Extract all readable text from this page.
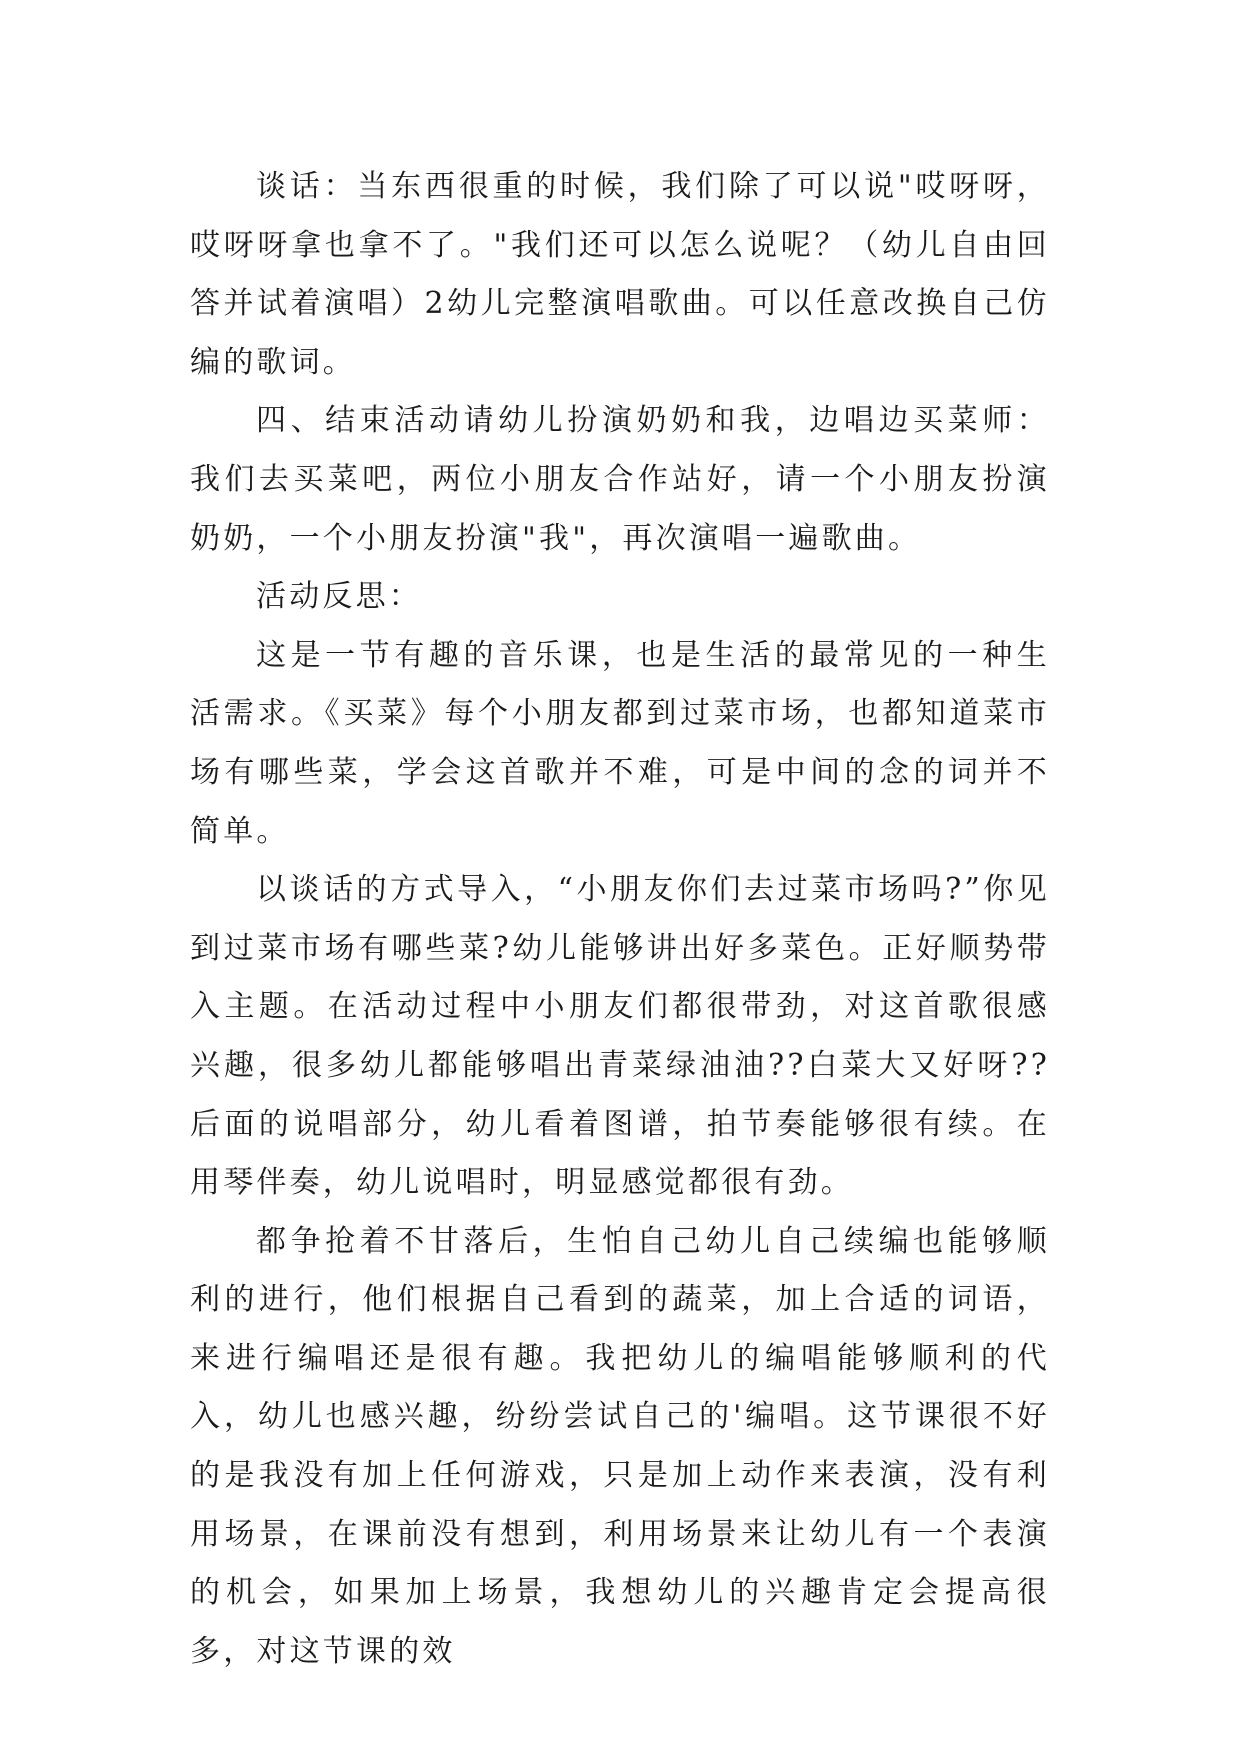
谈话：当东西很重的时候，我们除了可以说"哎呀呀，哎呀呀拿也拿不了。"我们还可以怎么说呢？（幼儿自由回答并试着演唱）2幼儿完整演唱歌曲。可以任意改换自己仿编的歌词。

四、结束活动请幼儿扮演奶奶和我，边唱边买菜师：我们去买菜吧，两位小朋友合作站好，请一个小朋友扮演奶奶，一个小朋友扮演"我"，再次演唱一遍歌曲。

活动反思：

这是一节有趣的音乐课，也是生活的最常见的一种生活需求。《买菜》每个小朋友都到过菜市场，也都知道菜市场有哪些菜，学会这首歌并不难，可是中间的念的词并不简单。

以谈话的方式导入，“小朋友你们去过菜市场吗?”你见到过菜市场有哪些菜?幼儿能够讲出好多菜色。正好顺势带入主题。在活动过程中小朋友们都很带劲，对这首歌很感兴趣，很多幼儿都能够唱出青菜绿油油??白菜大又好呀??后面的说唱部分，幼儿看着图谱，拍节奏能够很有续。在用琴伴奏，幼儿说唱时，明显感觉都很有劲。

都争抢着不甘落后，生怕自己幼儿自己续编也能够顺利的进行，他们根据自己看到的蔬菜，加上合适的词语，来进行编唱还是很有趣。我把幼儿的编唱能够顺利的代入，幼儿也感兴趣，纷纷尝试自己的'编唱。这节课很不好的是我没有加上任何游戏，只是加上动作来表演，没有利用场景，在课前没有想到，利用场景来让幼儿有一个表演的机会，如果加上场景，我想幼儿的兴趣肯定会提高很多，对这节课的效
